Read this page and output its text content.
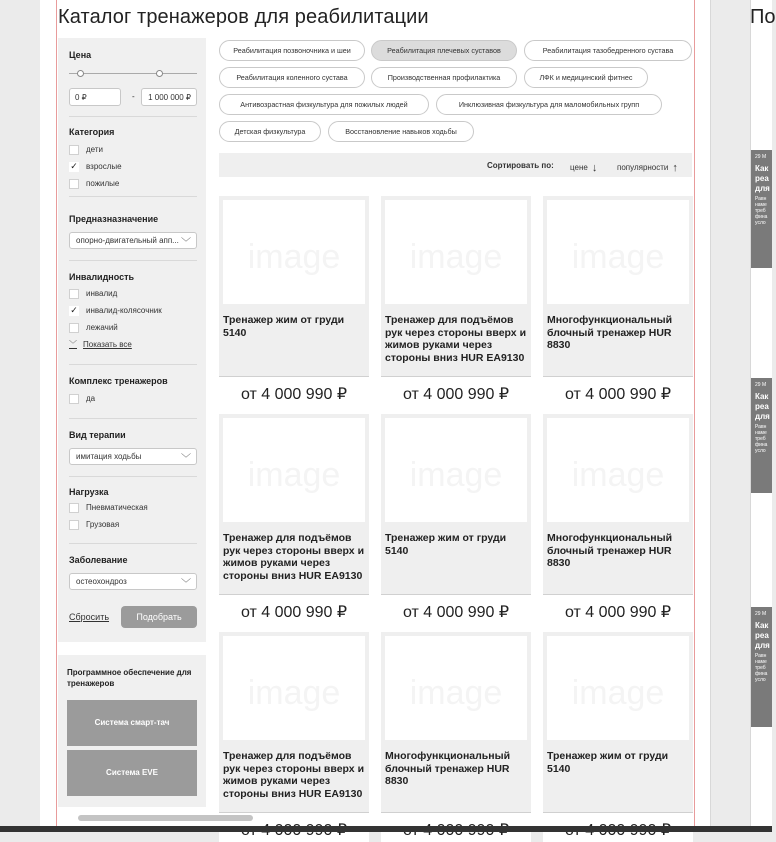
Каталог тренажеров для реабилитации
Цена
0 ₽	-	1 000 000 ₽
Категория
дети
✓ взрослые
пожилые
Предназназначение
опорно-двигательный апп... ﹀
Инвалидность
инвалид
✓ инвалид-колясочник
лежачий
﹀ Показать все
Комплекс тренажеров
да
Вид терапии
имитация ходьбы	﹀
Нагрузка
Пневматическая
Грузовая
Заболевание
остеохондроз	﹀
Сбросить	Подобрать
Программное обеспечение для тренажеров
Система смарт-тач
Система EVE
Реабилитация позвоночника и шеи	Реабилитация плечевых суставов	Реабилитация тазобедренного сустава
Реабилитация коленного сустава	Производственная профилактика	ЛФК и медицинский фитнес
Антивозрастная физкультура для пожилых людей	Инклюзивная физкультура для маломобильных групп
Детская физкультура	Восстановление навыков ходьбы
Сортировать по: цене ↓ популярности ↑
image
Тренажер жим от груди 5140
от 4 000 990 ₽
image
Тренажер для подъёмов рук через стороны вверх и жимов руками через стороны вниз HUR EA9130
от 4 000 990 ₽
image
Многофункциональный блочный тренажер HUR 8830
от 4 000 990 ₽
image
Тренажер для подъёмов рук через стороны вверх и жимов руками через стороны вниз HUR EA9130
от 4 000 990 ₽
image
Тренажер жим от груди 5140
от 4 000 990 ₽
image
Многофункциональный блочный тренажер HUR 8830
от 4 000 990 ₽
image
Тренажер для подъёмов рук через стороны вверх и жимов руками через стороны вниз HUR EA9130
image
Многофункциональный блочный тренажер HUR 8830
image
Тренажер жим от груди 5140
По
29 М
Как
реа
для
Равн
наме
треб
фина
усло
29 М
Как
реа
для
Равн
наме
треб
фина
усло
29 М
Как
реа
для
Равн
наме
треб
фина
усло
